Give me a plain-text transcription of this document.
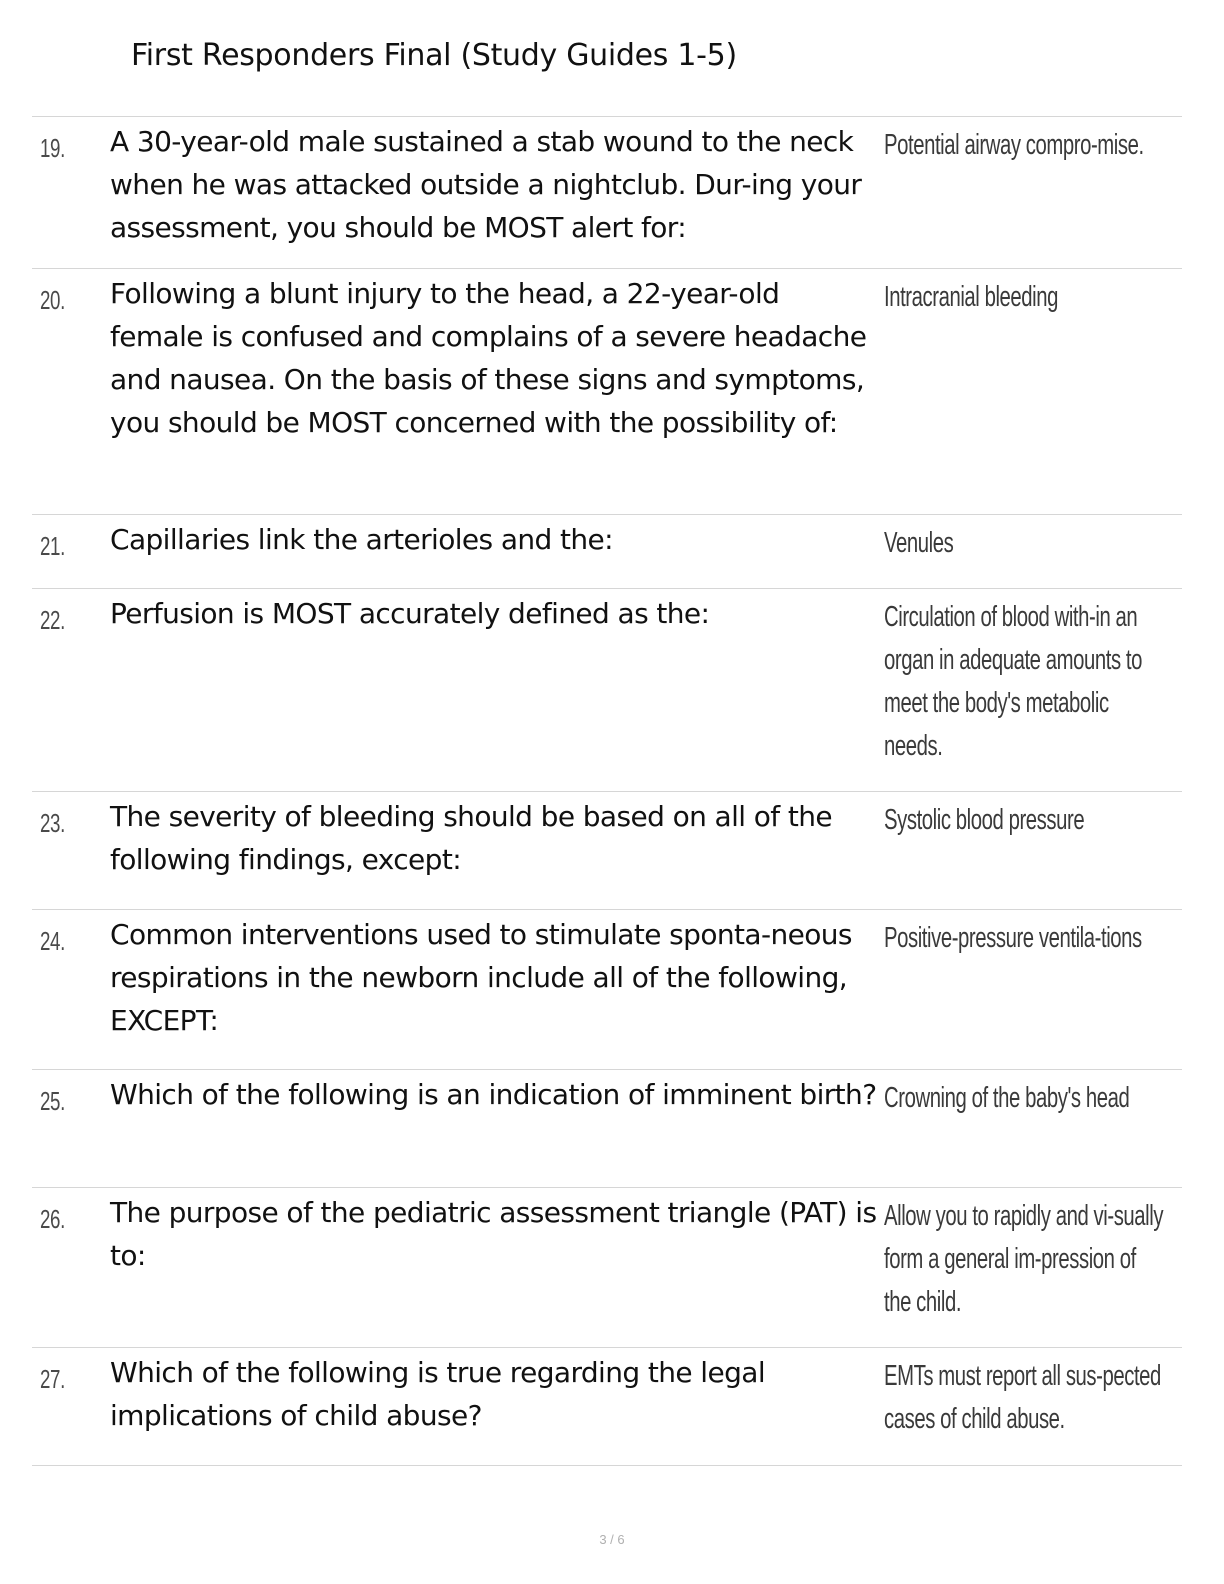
First Responders Final (Study Guides 1-5)
19. A 30-year-old male sustained a stab wound to the neck when he was attacked outside a nightclub. Dur-ing your assessment, you should be MOST alert for:
Potential airway compro-mise.
20. Following a blunt injury to the head, a 22-year-old female is confused and complains of a severe headache and nausea. On the basis of these signs and symptoms, you should be MOST concerned with the possibility of:
Intracranial bleeding
21. Capillaries link the arterioles and the:	Venules
22. Perfusion is MOST accurately defined as the:	Circulation of blood with-in an organ in adequate amounts to meet the body's metabolic needs.
23. The severity of bleeding should be based on all of the following findings, except:
Systolic blood pressure
24. Common interventions used to stimulate sponta-neous respirations in the newborn include all of the following, EXCEPT:
Positive-pressure ventila-tions
25. Which of the following is an indication of imminent birth? Crowning of the baby's head
26. The purpose of the pediatric assessment triangle (PAT) is to:
Allow you to rapidly and vi-sually form a general im-pression of the child.
27. Which of the following is true regarding the legal implications of child abuse?
EMTs must report all sus-pected cases of child abuse.
3 / 6
